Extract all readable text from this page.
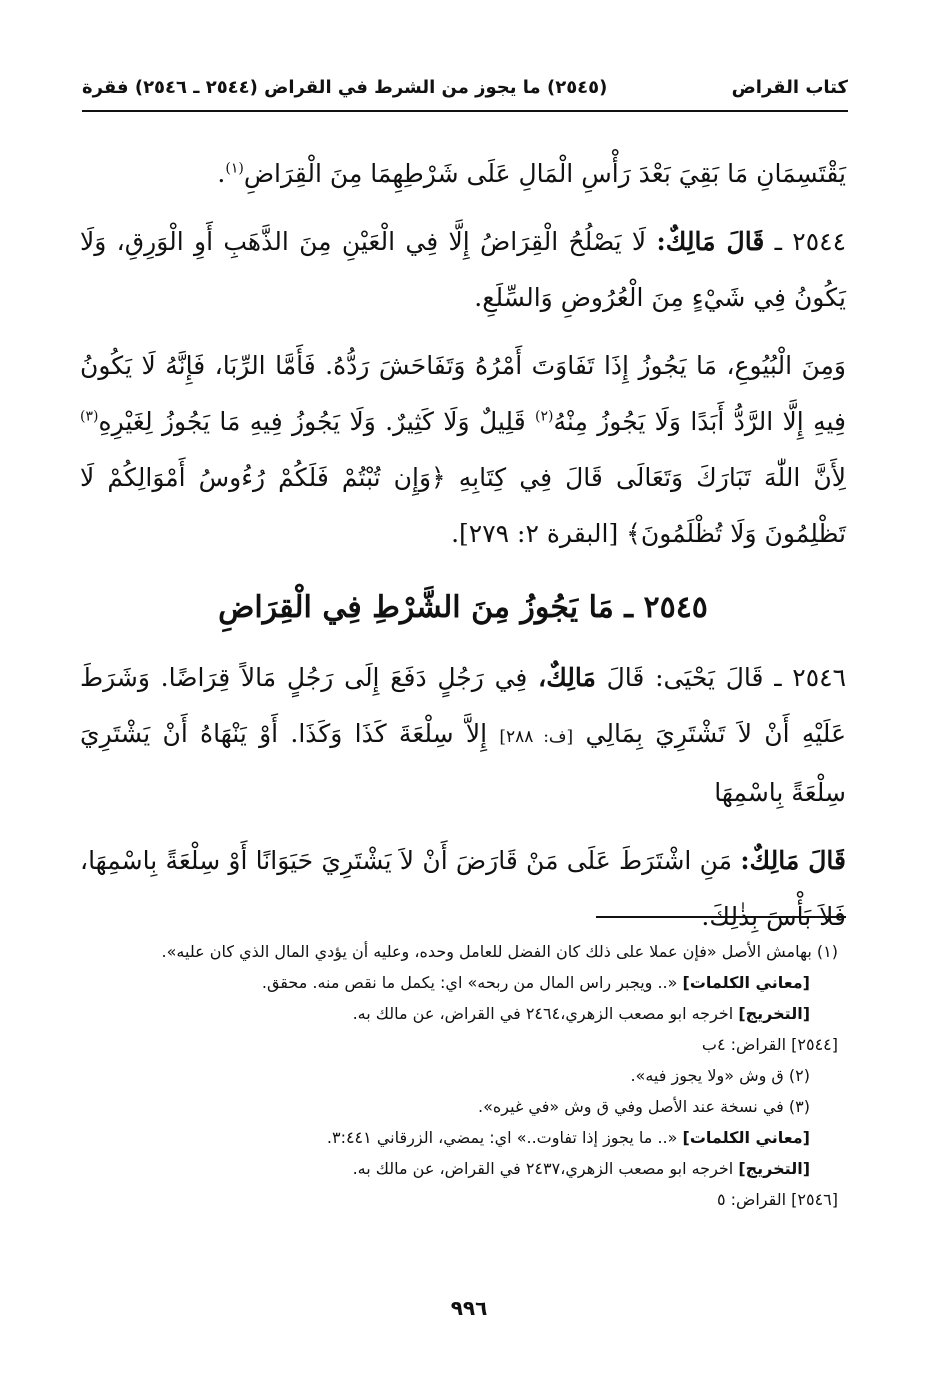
كتاب القراض
(٢٥٤٥) ما يجوز من الشرط في القراض (٢٥٤٤ ـ ٢٥٤٦) فقرة

يَقْتَسِمَانِ مَا بَقِيَ بَعْدَ رَأْسِ الْمَالِ عَلَى شَرْطِهِمَا مِنَ الْقِرَاضِ$^{(١)}$.

٢٥٤٤ ـ قَالَ مَالِكٌ: لَا يَصْلُحُ الْقِرَاضُ إِلَّا فِي الْعَيْنِ مِنَ الذَّهَبِ أَوِ الْوَرِقِ، وَلَا يَكُونُ فِي شَيْءٍ مِنَ الْعُرُوضِ وَالسِّلَعِ.

وَمِنَ الْبُيُوعِ، مَا يَجُوزُ إِذَا تَفَاوَتَ أَمْرُهُ وَتَفَاحَشَ رَدُّهُ. فَأَمَّا الرِّبَا، فَإِنَّهُ لَا يَكُونُ فِيهِ إِلَّا الرَّدُّ أَبَدًا وَلَا يَجُوزُ مِنْهُ$^{(٢)}$ قَلِيلٌ وَلَا كَثِيرٌ. وَلَا يَجُوزُ فِيهِ مَا يَجُوزُ لِغَيْرِهِ$^{(٣)}$ لِأَنَّ اللّٰهَ تَبَارَكَ وَتَعَالَى قَالَ فِي كِتَابِهِ ﴿وَإِن تُبْتُمْ فَلَكُمْ رُءُوسُ أَمْوَالِكُمْ لَا تَظْلِمُونَ وَلَا تُظْلَمُونَ﴾ [البقرة ٢: ٢٧٩].

٢٥٤٥ ـ مَا يَجُوزُ مِنَ الشَّرْطِ فِي الْقِرَاضِ

٢٥٤٦ ـ قَالَ يَحْيَى: قَالَ مَالِكٌ، فِي رَجُلٍ دَفَعَ إِلَى رَجُلٍ مَالاً قِرَاضًا. وَشَرَطَ عَلَيْهِ أَنْ لاَ تَشْتَرِيَ بِمَالِي [ف: ٢٨٨] إِلاَّ سِلْعَةَ كَذَا وَكَذَا. أَوْ يَنْهَاهُ أَنْ يَشْتَرِيَ سِلْعَةً بِاسْمِهَا

قَالَ مَالِكٌ: مَنِ اشْتَرَطَ عَلَى مَنْ قَارَضَ أَنْ لاَ يَشْتَرِيَ حَيَوَانًا أَوْ سِلْعَةً بِاسْمِهَا، فَلاَ بَأْسَ بِذٰلِكَ.

(١) بهامش الأصل «فإن عملا على ذلك كان الفضل للعامل وحده، وعليه أن يؤدي المال الذي كان عليه».

[معاني الكلمات] «.. ويجبر راس المال من ربحه» اي: يكمل ما نقص منه. محقق.

[التخريج] اخرجه ابو مصعب الزهري،٢٤٦٤ في القراض، عن مالك به.

[٢٥٤٤] القراض: ٤ب

(٢) ق وش «ولا يجوز فيه».

(٣) في نسخة عند الأصل وفي ق وش «في غيره».

[معاني الكلمات] «.. ما يجوز إذا تفاوت..» اي: يمضي، الزرقاني ٣:٤٤١.

[التخريج] اخرجه ابو مصعب الزهري،٢٤٣٧ في القراض، عن مالك به.

[٢٥٤٦] القراض: ٥

٩٩٦
